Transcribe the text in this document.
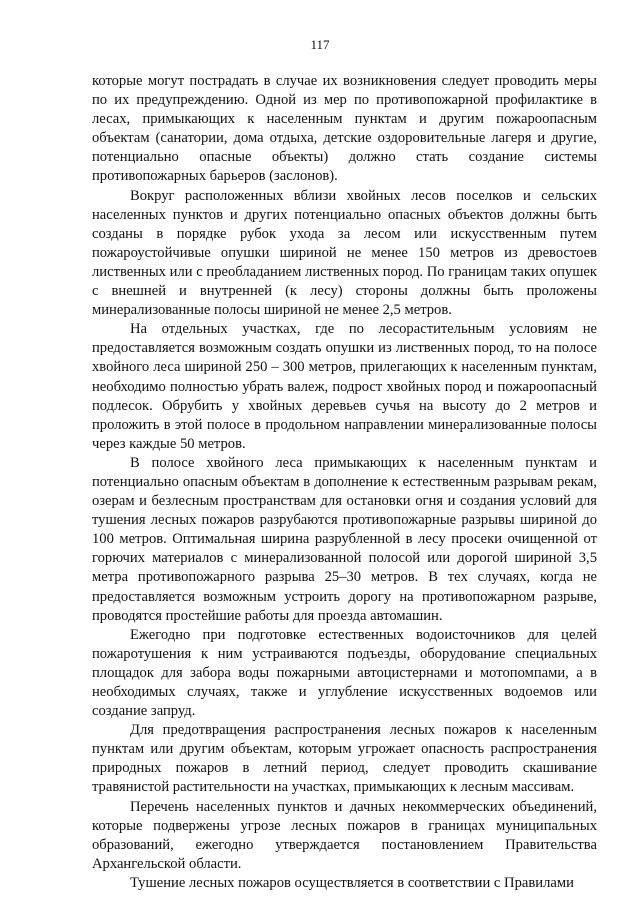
117

которые могут пострадать в случае их возникновения следует проводить меры по их предупреждению. Одной из мер по противопожарной профилактике в лесах, примыкающих к населенным пунктам и другим пожароопасным объектам (санатории, дома отдыха, детские оздоровительные лагеря и другие, потенциально опасные объекты) должно стать создание системы противопожарных барьеров (заслонов).

Вокруг расположенных вблизи хвойных лесов поселков и сельских населенных пунктов и других потенциально опасных объектов должны быть созданы в порядке рубок ухода за лесом или искусственным путем пожароустойчивые опушки шириной не менее 150 метров из древостоев лиственных или с преобладанием лиственных пород. По границам таких опушек с внешней и внутренней (к лесу) стороны должны быть проложены минерализованные полосы шириной не менее 2,5 метров.

На отдельных участках, где по лесорастительным условиям не предоставляется возможным создать опушки из лиственных пород, то на полосе хвойного леса шириной 250 – 300 метров, прилегающих к населенным пунктам, необходимо полностью убрать валеж, подрост хвойных пород и пожароопасный подлесок. Обрубить у хвойных деревьев сучья на высоту до 2 метров и проложить в этой полосе в продольном направлении минерализованные полосы через каждые 50 метров.

В полосе хвойного леса примыкающих к населенным пунктам и потенциально опасным объектам в дополнение к естественным разрывам рекам, озерам и безлесным пространствам для остановки огня и создания условий для тушения лесных пожаров разрубаются противопожарные разрывы шириной до 100 метров. Оптимальная ширина разрубленной в лесу просеки очищенной от горючих материалов с минерализованной полосой или дорогой шириной 3,5 метра противопожарного разрыва 25–30 метров. В тех случаях, когда не предоставляется возможным устроить дорогу на противопожарном разрыве, проводятся простейшие работы для проезда автомашин.

Ежегодно при подготовке естественных водоисточников для целей пожаротушения к ним устраиваются подъезды, оборудование специальных площадок для забора воды пожарными автоцистернами и мотопомпами, а в необходимых случаях, также и углубление искусственных водоемов или создание запруд.

Для предотвращения распространения лесных пожаров к населенным пунктам или другим объектам, которым угрожает опасность распространения природных пожаров в летний период, следует проводить скашивание травянистой растительности на участках, примыкающих к лесным массивам.

Перечень населенных пунктов и дачных некоммерческих объединений, которые подвержены угрозе лесных пожаров в границах муниципальных образований, ежегодно утверждается постановлением Правительства Архангельской области.

Тушение лесных пожаров осуществляется в соответствии с Правилами
